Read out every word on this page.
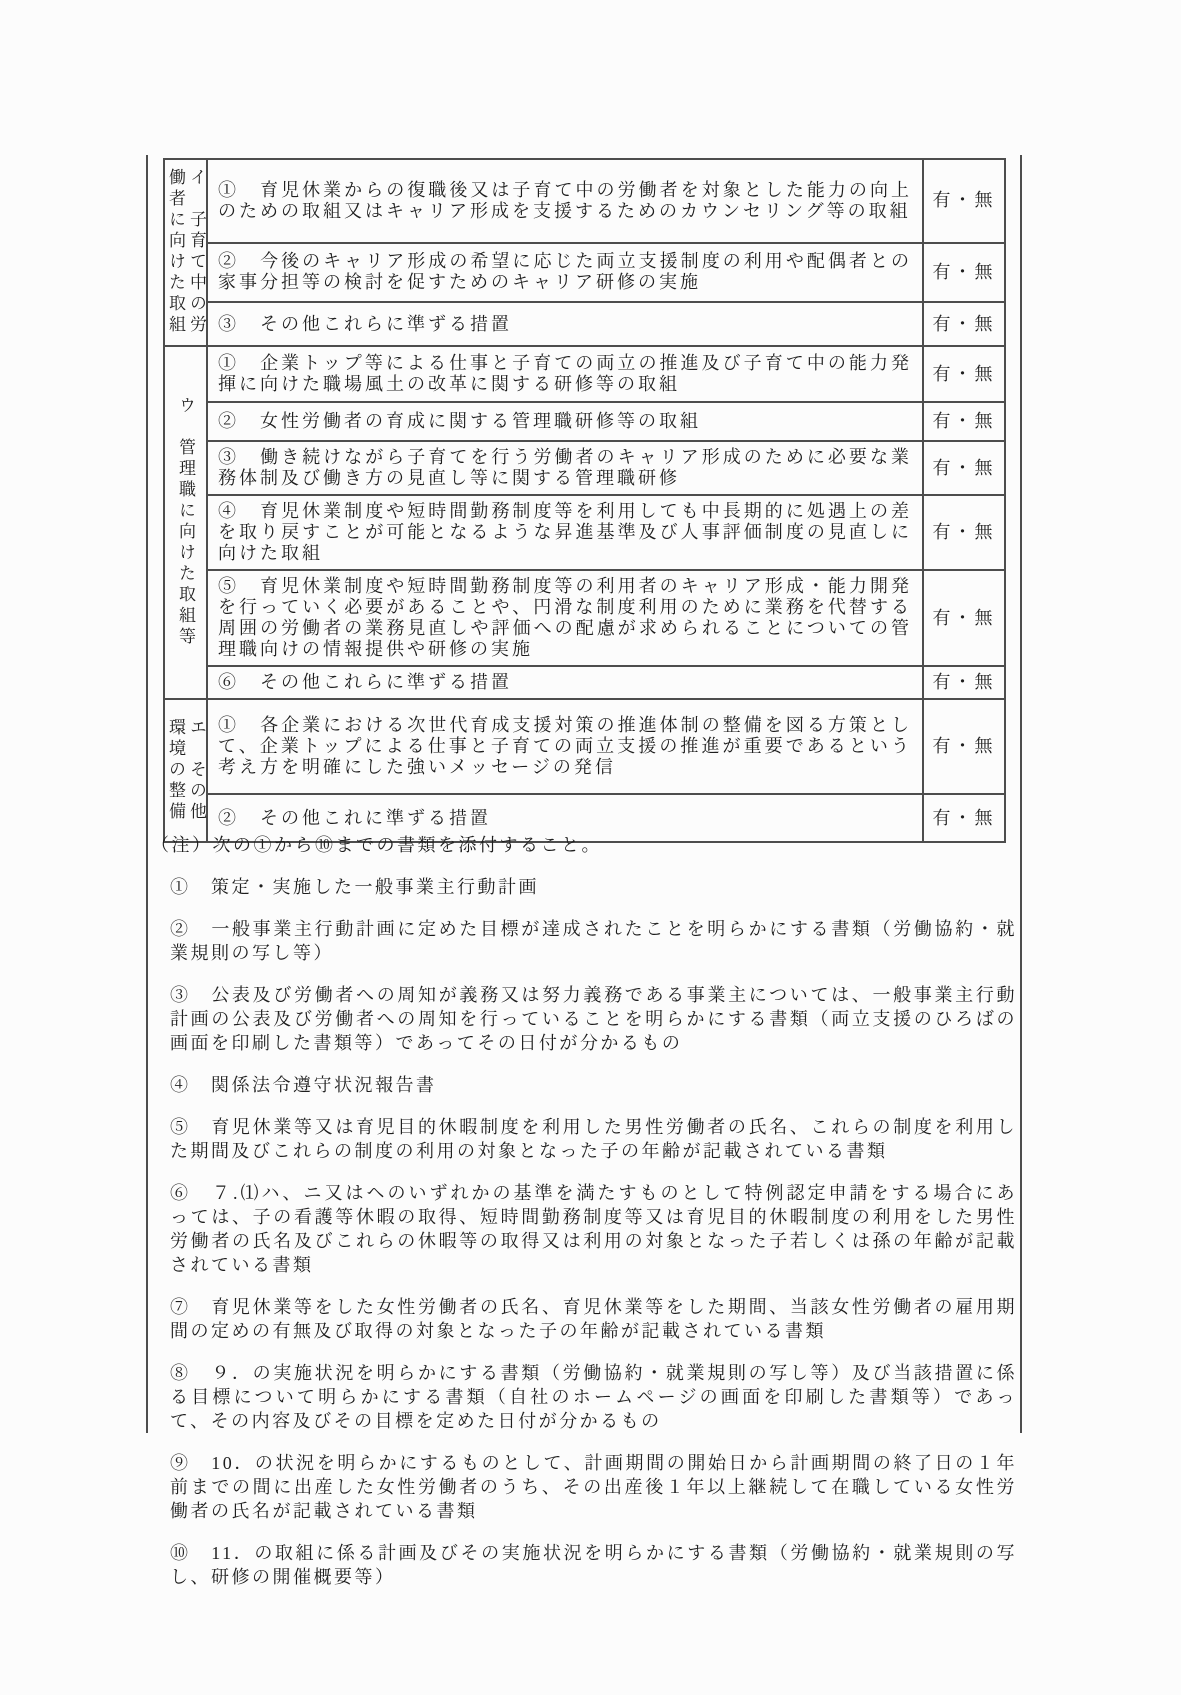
イ　子育て中の労
働者に向けた取組	①　 育児休業からの復職後又は子育て中の労働者を対象とした能力の向上のための取組又はキャリア形成を支援するためのカウンセリング等の取組	有・無
	②　 今後のキャリア形成の希望に応じた両立支援制度の利用や配偶者との家事分担等の検討を促すためのキャリア研修の実施	有・無
	③　 その他これらに準ずる措置	有・無

ウ　管理職に向けた取組等	①　 企業トップ等による仕事と子育ての両立の推進及び子育て中の能力発揮に向けた職場風土の改革に関する研修等の取組	有・無
	②　 女性労働者の育成に関する管理職研修等の取組	有・無
	③　 働き続けながら子育てを行う労働者のキャリア形成のために必要な業務体制及び働き方の見直し等に関する管理職研修	有・無
	④　 育児休業制度や短時間勤務制度等を利用しても中長期的に処遇上の差を取り戻すことが可能となるような昇進基準及び人事評価制度の見直しに向けた取組	有・無
	⑤　 育児休業制度や短時間勤務制度等の利用者のキャリア形成・能力開発を行っていく必要があることや、円滑な制度利用のために業務を代替する周囲の労働者の業務見直しや評価への配慮が求められることについての管理職向けの情報提供や研修の実施	有・無
	⑥　 その他これらに準ずる措置	有・無

エ　その他
環境の整備	①　 各企業における次世代育成支援対策の推進体制の整備を図る方策として、企業トップによる仕事と子育ての両立支援の推進が重要であるという考え方を明確にした強いメッセージの発信	有・無
	②　 その他これに準ずる措置	有・無

（注）次の①から⑩までの書類を添付すること。

①　 策定・実施した一般事業主行動計画

②　 一般事業主行動計画に定めた目標が達成されたことを明らかにする書類（労働協約・就業規則の写し等）

③　 公表及び労働者への周知が義務又は努力義務である事業主については、一般事業主行動計画の公表及び労働者への周知を行っていることを明らかにする書類（両立支援のひろばの画面を印刷した書類等）であってその日付が分かるもの

④　 関係法令遵守状況報告書

⑤　 育児休業等又は育児目的休暇制度を利用した男性労働者の氏名、これらの制度を利用した期間及びこれらの制度の利用の対象となった子の年齢が記載されている書類

⑥　 ７.⑴ハ、ニ又はヘのいずれかの基準を満たすものとして特例認定申請をする場合にあっては、子の看護等休暇の取得、短時間勤務制度等又は育児目的休暇制度の利用をした男性労働者の氏名及びこれらの休暇等の取得又は利用の対象となった子若しくは孫の年齢が記載されている書類

⑦　 育児休業等をした女性労働者の氏名、育児休業等をした期間、当該女性労働者の雇用期間の定めの有無及び取得の対象となった子の年齢が記載されている書類

⑧　 ９．の実施状況を明らかにする書類（労働協約・就業規則の写し等）及び当該措置に係る目標について明らかにする書類（自社のホームページの画面を印刷した書類等）であって、その内容及びその目標を定めた日付が分かるもの

⑨　 10．の状況を明らかにするものとして、計画期間の開始日から計画期間の終了日の１年前までの間に出産した女性労働者のうち、その出産後１年以上継続して在職している女性労働者の氏名が記載されている書類

⑩　 11．の取組に係る計画及びその実施状況を明らかにする書類（労働協約・就業規則の写し、研修の開催概要等）
